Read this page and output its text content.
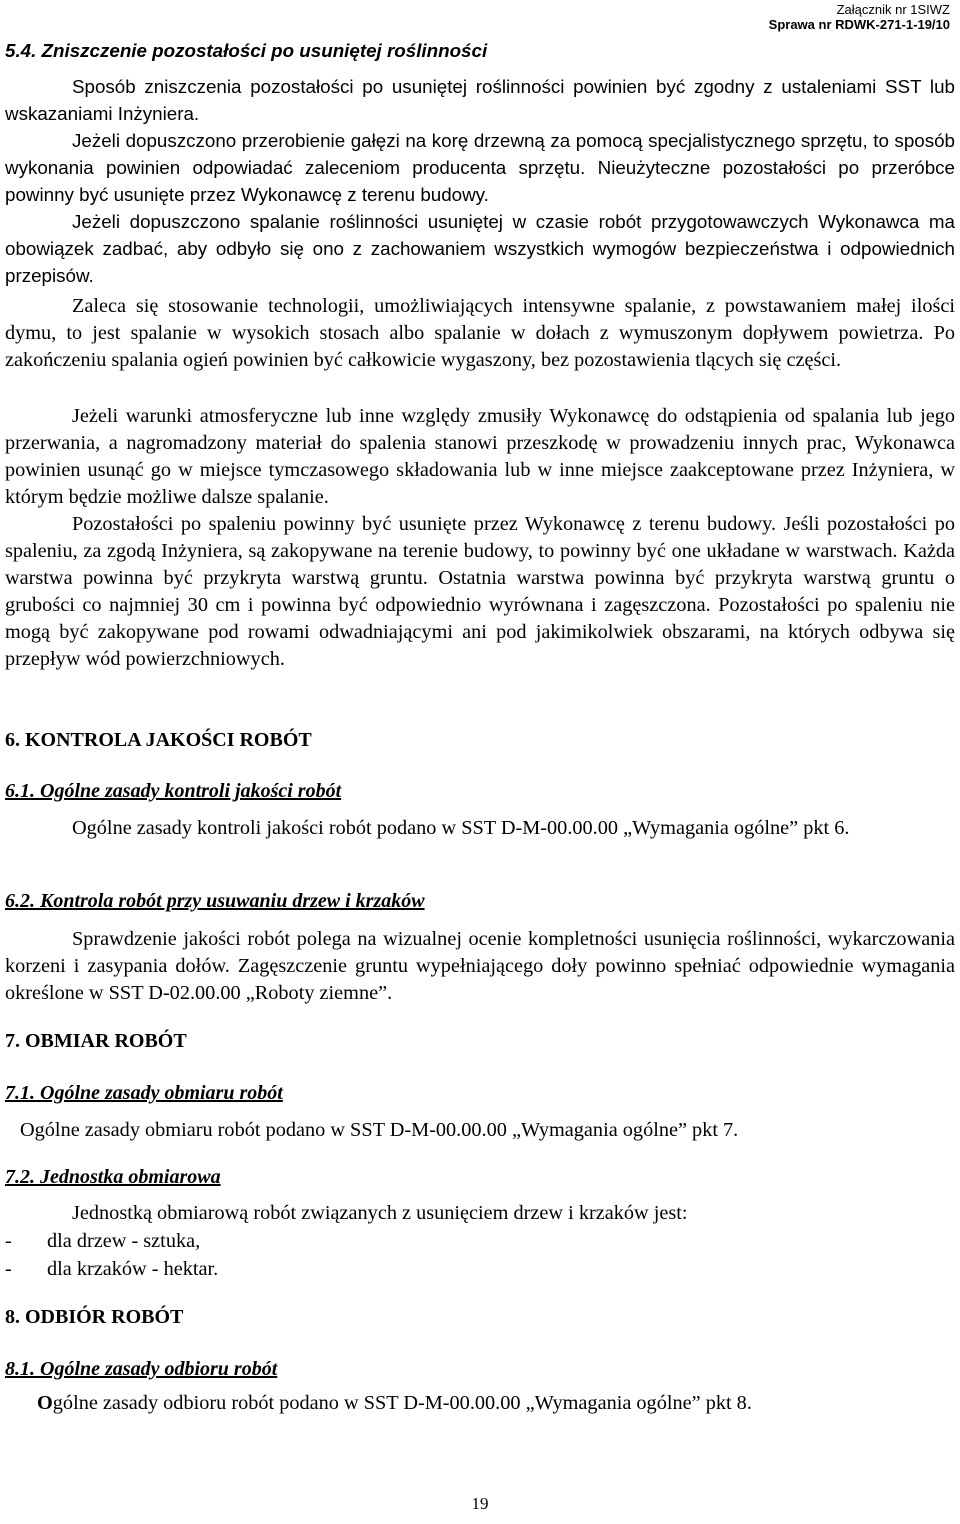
Załącznik nr 1SIWZ
Sprawa nr RDWK-271-1-19/10
5.4. Zniszczenie pozostałości po usuniętej roślinności

Sposób zniszczenia pozostałości po usuniętej roślinności powinien być zgodny z ustaleniami SST lub wskazaniami Inżyniera.

Jeżeli dopuszczono przerobienie gałęzi na korę drzewną za pomocą specjalistycznego sprzętu, to sposób wykonania powinien odpowiadać zaleceniom producenta sprzętu. Nieużyteczne pozostałości po przeróbce powinny być usunięte przez Wykonawcę z terenu budowy.

Jeżeli dopuszczono spalanie roślinności usuniętej w czasie robót przygotowawczych Wykonawca ma obowiązek zadbać, aby odbyło się ono z zachowaniem wszystkich wymogów bezpieczeństwa i odpowiednich przepisów.

Zaleca się stosowanie technologii, umożliwiających intensywne spalanie, z powstawaniem małej ilości dymu, to jest spalanie w wysokich stosach albo spalanie w dołach z wymuszonym dopływem powietrza. Po zakończeniu spalania ogień powinien być całkowicie wygaszony, bez pozostawienia tlących się części.

Jeżeli warunki atmosferyczne lub inne względy zmusiły Wykonawcę do odstąpienia od spalania lub jego przerwania, a nagromadzony materiał do spalenia stanowi przeszkodę w prowadzeniu innych prac, Wykonawca powinien usunąć go w miejsce tymczasowego składowania lub w inne miejsce zaakceptowane przez Inżyniera, w którym będzie możliwe dalsze spalanie.

Pozostałości po spaleniu powinny być usunięte przez Wykonawcę z terenu budowy. Jeśli pozostałości po spaleniu, za zgodą Inżyniera, są zakopywane na terenie budowy, to powinny być one układane w warstwach. Każda warstwa powinna być przykryta warstwą gruntu. Ostatnia warstwa powinna być przykryta warstwą gruntu o grubości co najmniej 30 cm i powinna być odpowiednio wyrównana i zagęszczona. Pozostałości po spaleniu nie mogą być zakopywane pod rowami odwadniającymi ani pod jakimikolwiek obszarami, na których odbywa się przepływ wód powierzchniowych.

6. KONTROLA JAKOŚCI ROBÓT
6.1. Ogólne zasady kontroli jakości robót

Ogólne zasady kontroli jakości robót podano w SST D-M-00.00.00 „Wymagania ogólne” pkt 6.

6.2. Kontrola robót przy usuwaniu drzew i krzaków

Sprawdzenie jakości robót polega na wizualnej ocenie kompletności usunięcia roślinności, wykarczowania korzeni i zasypania dołów. Zagęszczenie gruntu wypełniającego doły powinno spełniać odpowiednie wymagania określone w SST D-02.00.00 „Roboty ziemne”.

7. OBMIAR ROBÓT
7.1. Ogólne zasady obmiaru robót
Ogólne zasady obmiaru robót podano w SST D-M-00.00.00 „Wymagania ogólne” pkt 7.
7.2. Jednostka obmiarowa
Jednostką obmiarową robót związanych z usunięciem drzew i krzaków jest:
- dla drzew - sztuka,
- dla krzaków - hektar.
8. ODBIÓR ROBÓT
8.1. Ogólne zasady odbioru robót
Ogólne zasady odbioru robót podano w SST D-M-00.00.00 „Wymagania ogólne” pkt 8.
19
